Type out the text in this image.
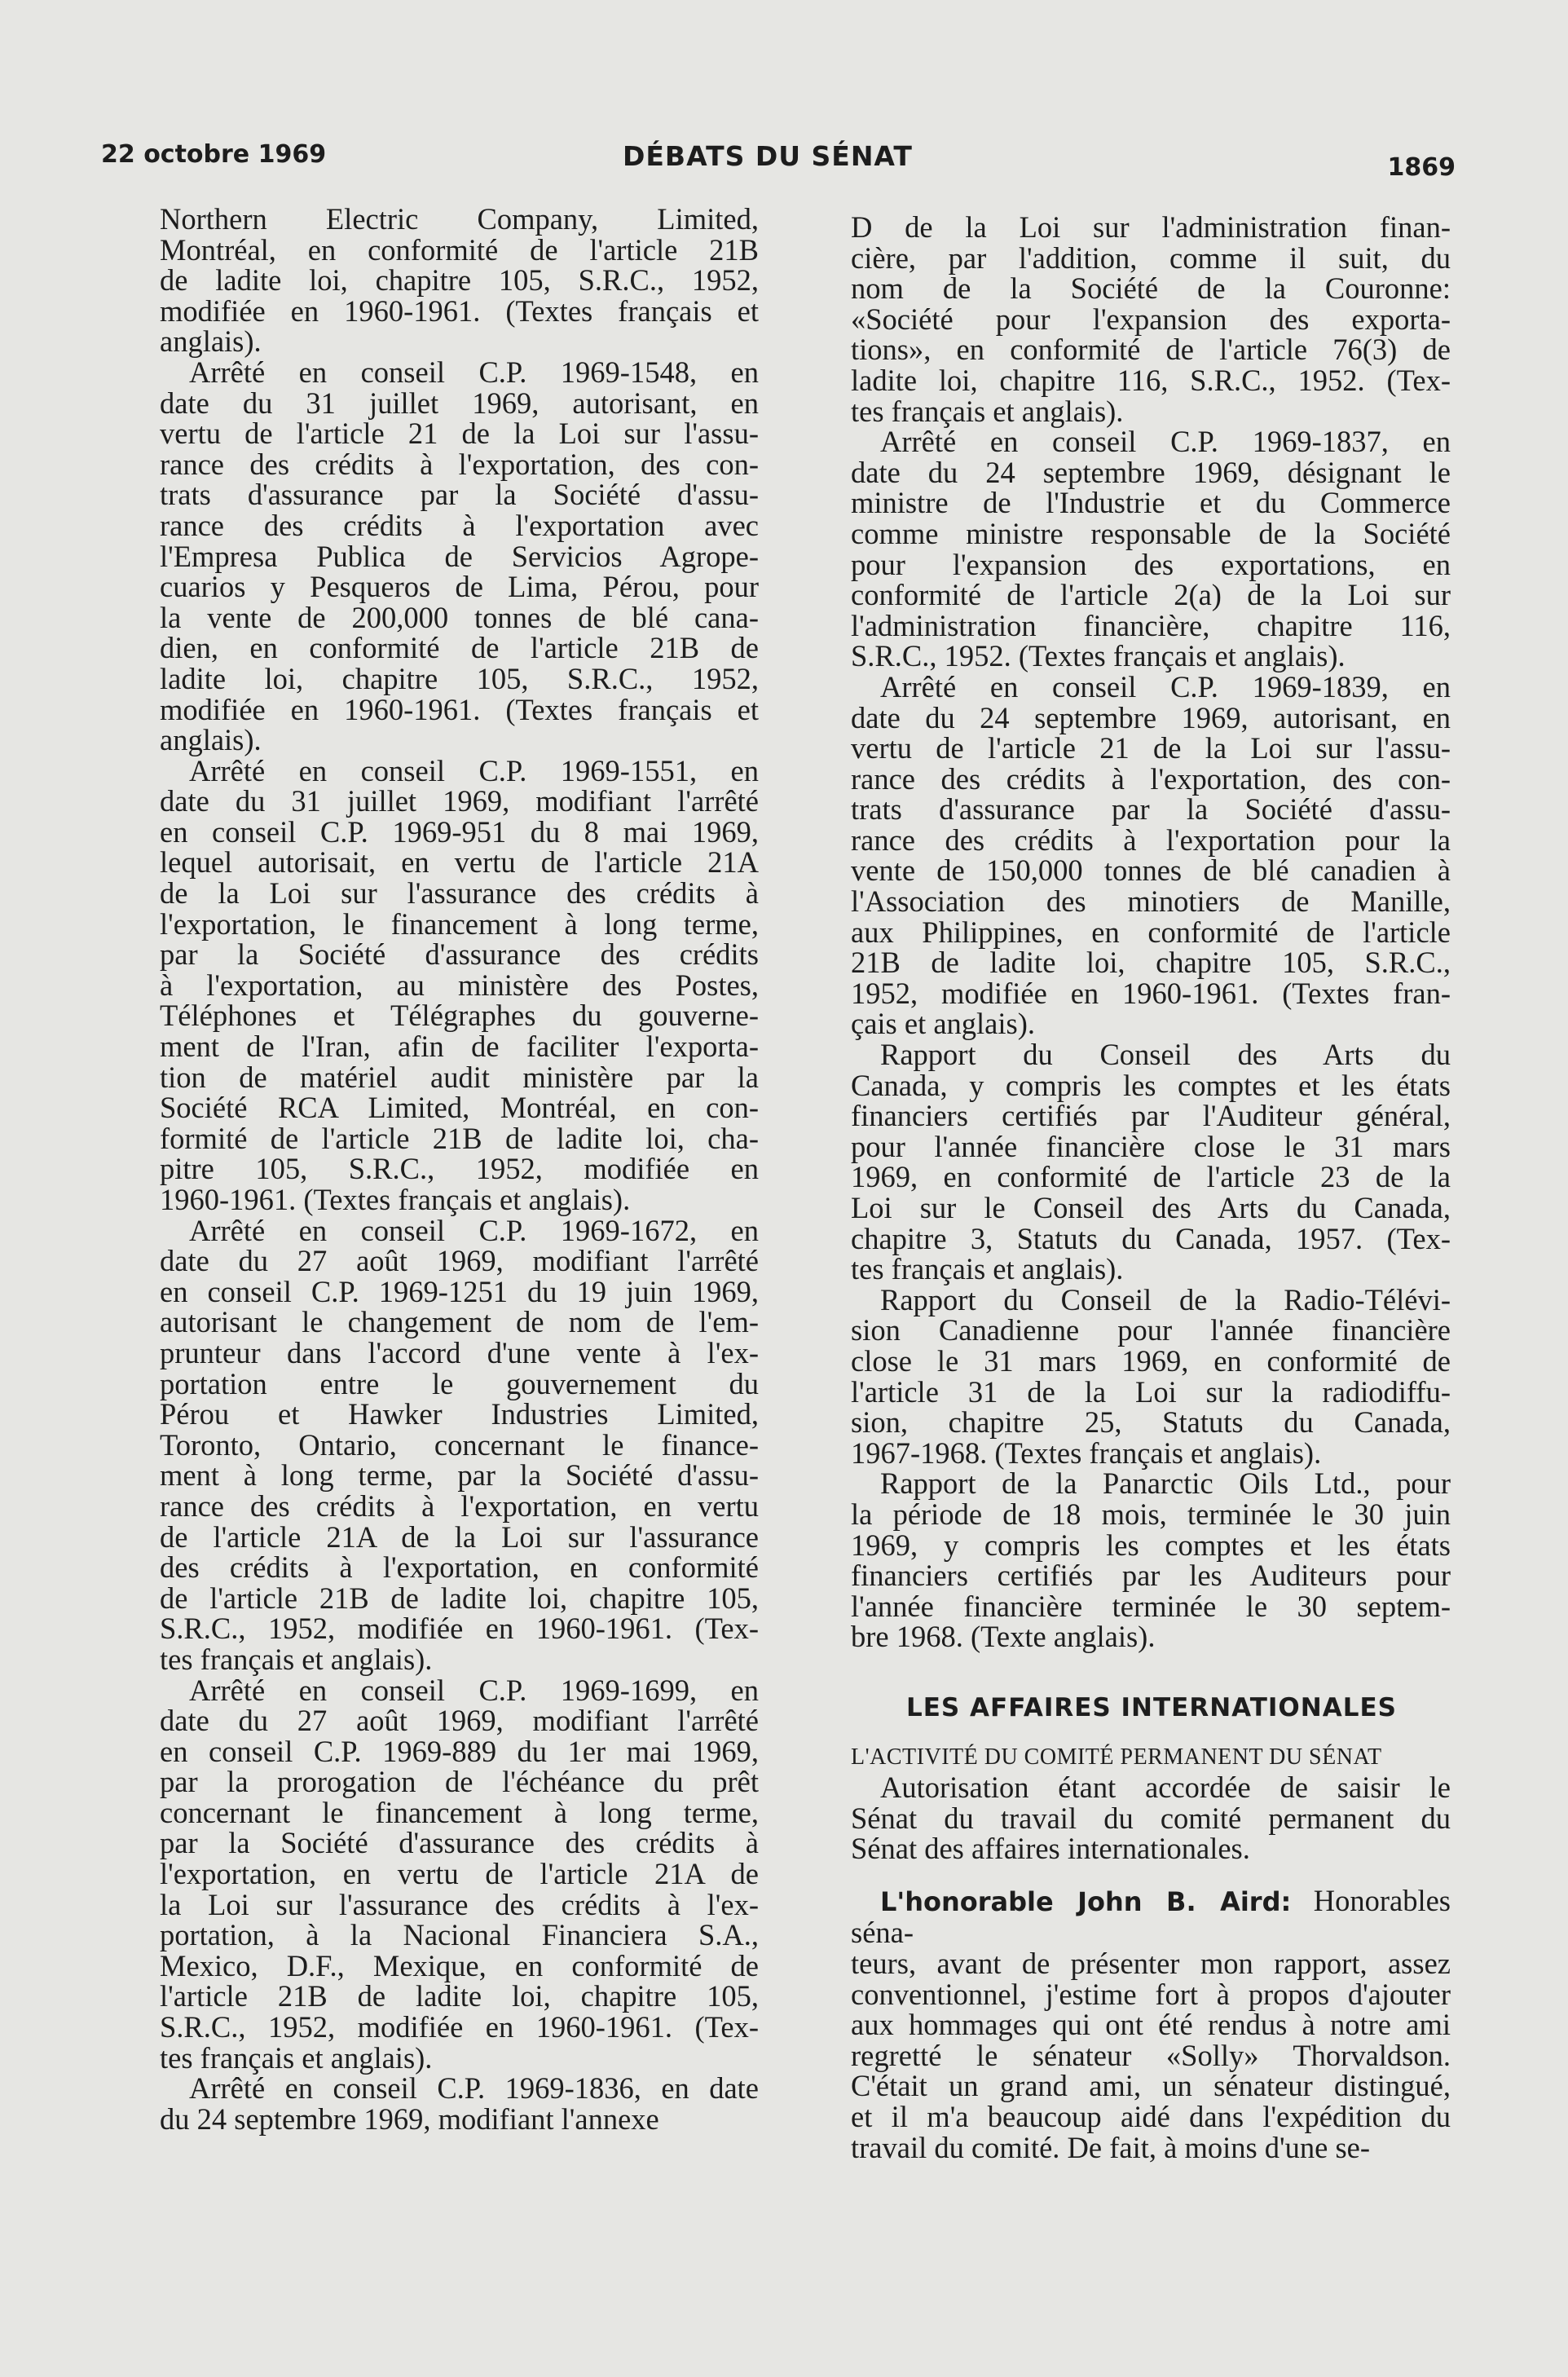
22 octobre 1969	DÉBATS DU SÉNAT	1869

Northern Electric Company, Limited,
Montréal, en conformité de l'article 21B
de ladite loi, chapitre 105, S.R.C., 1952,
modifiée en 1960-1961. (Textes français et
anglais).

Arrêté en conseil C.P. 1969-1548, en
date du 31 juillet 1969, autorisant, en
vertu de l'article 21 de la Loi sur l'assu-
rance des crédits à l'exportation, des con-
trats d'assurance par la Société d'assu-
rance des crédits à l'exportation avec
l'Empresa Publica de Servicios Agrope-
cuarios y Pesqueros de Lima, Pérou, pour
la vente de 200,000 tonnes de blé cana-
dien, en conformité de l'article 21B de
ladite loi, chapitre 105, S.R.C., 1952,
modifiée en 1960-1961. (Textes français et
anglais).

Arrêté en conseil C.P. 1969-1551, en
date du 31 juillet 1969, modifiant l'arrêté
en conseil C.P. 1969-951 du 8 mai 1969,
lequel autorisait, en vertu de l'article 21A
de la Loi sur l'assurance des crédits à
l'exportation, le financement à long terme,
par la Société d'assurance des crédits
à l'exportation, au ministère des Postes,
Téléphones et Télégraphes du gouverne-
ment de l'Iran, afin de faciliter l'exporta-
tion de matériel audit ministère par la
Société RCA Limited, Montréal, en con-
formité de l'article 21B de ladite loi, cha-
pitre 105, S.R.C., 1952, modifiée en
1960-1961. (Textes français et anglais).

Arrêté en conseil C.P. 1969-1672, en
date du 27 août 1969, modifiant l'arrêté
en conseil C.P. 1969-1251 du 19 juin 1969,
autorisant le changement de nom de l'em-
prunteur dans l'accord d'une vente à l'ex-
portation entre le gouvernement du
Pérou et Hawker Industries Limited,
Toronto, Ontario, concernant le finance-
ment à long terme, par la Société d'assu-
rance des crédits à l'exportation, en vertu
de l'article 21A de la Loi sur l'assurance
des crédits à l'exportation, en conformité
de l'article 21B de ladite loi, chapitre 105,
S.R.C., 1952, modifiée en 1960-1961. (Tex-
tes français et anglais).

Arrêté en conseil C.P. 1969-1699, en
date du 27 août 1969, modifiant l'arrêté
en conseil C.P. 1969-889 du 1er mai 1969,
par la prorogation de l'échéance du prêt
concernant le financement à long terme,
par la Société d'assurance des crédits à
l'exportation, en vertu de l'article 21A de
la Loi sur l'assurance des crédits à l'ex-
portation, à la Nacional Financiera S.A.,
Mexico, D.F., Mexique, en conformité de
l'article 21B de ladite loi, chapitre 105,
S.R.C., 1952, modifiée en 1960-1961. (Tex-
tes français et anglais).

Arrêté en conseil C.P. 1969-1836, en date
du 24 septembre 1969, modifiant l'annexe

D de la Loi sur l'administration finan-
cière, par l'addition, comme il suit, du
nom de la Société de la Couronne:
«Société pour l'expansion des exporta-
tions», en conformité de l'article 76(3) de
ladite loi, chapitre 116, S.R.C., 1952. (Tex-
tes français et anglais).

Arrêté en conseil C.P. 1969-1837, en
date du 24 septembre 1969, désignant le
ministre de l'Industrie et du Commerce
comme ministre responsable de la Société
pour l'expansion des exportations, en
conformité de l'article 2(a) de la Loi sur
l'administration financière, chapitre 116,
S.R.C., 1952. (Textes français et anglais).

Arrêté en conseil C.P. 1969-1839, en
date du 24 septembre 1969, autorisant, en
vertu de l'article 21 de la Loi sur l'assu-
rance des crédits à l'exportation, des con-
trats d'assurance par la Société d'assu-
rance des crédits à l'exportation pour la
vente de 150,000 tonnes de blé canadien à
l'Association des minotiers de Manille,
aux Philippines, en conformité de l'article
21B de ladite loi, chapitre 105, S.R.C.,
1952, modifiée en 1960-1961. (Textes fran-
çais et anglais).

Rapport du Conseil des Arts du
Canada, y compris les comptes et les états
financiers certifiés par l'Auditeur général,
pour l'année financière close le 31 mars
1969, en conformité de l'article 23 de la
Loi sur le Conseil des Arts du Canada,
chapitre 3, Statuts du Canada, 1957. (Tex-
tes français et anglais).

Rapport du Conseil de la Radio-Télévi-
sion Canadienne pour l'année financière
close le 31 mars 1969, en conformité de
l'article 31 de la Loi sur la radiodiffu-
sion, chapitre 25, Statuts du Canada,
1967-1968. (Textes français et anglais).

Rapport de la Panarctic Oils Ltd., pour
la période de 18 mois, terminée le 30 juin
1969, y compris les comptes et les états
financiers certifiés par les Auditeurs pour
l'année financière terminée le 30 septem-
bre 1968. (Texte anglais).

LES AFFAIRES INTERNATIONALES

L'ACTIVITÉ DU COMITÉ PERMANENT DU SÉNAT

Autorisation étant accordée de saisir le
Sénat du travail du comité permanent du
Sénat des affaires internationales.

L'honorable John B. Aird: Honorables séna-
teurs, avant de présenter mon rapport, assez
conventionnel, j'estime fort à propos d'ajouter
aux hommages qui ont été rendus à notre ami
regretté le sénateur «Solly» Thorvaldson.
C'était un grand ami, un sénateur distingué,
et il m'a beaucoup aidé dans l'expédition du
travail du comité. De fait, à moins d'une se-
